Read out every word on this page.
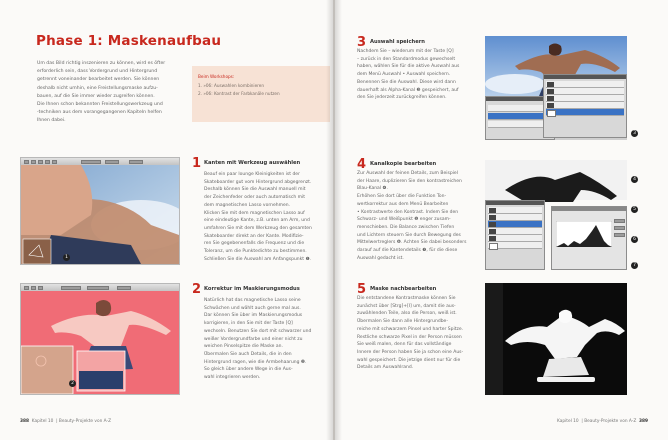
Phase 1: Maskenaufbau
Um das Bild richtig inszenieren zu können, wird es öfter
erforderlich sein, dass Vordergrund und Hintergrund
getrennt voneinander bearbeitet werden. Sie können
deshalb nicht umhin, eine Freistellungsmaske aufzu-
bauen, auf die Sie immer wieder zugreifen können.
Die Ihnen schon bekannten Freistellungswerkzeug und
-techniken aus dem vorangegangenen Kapiteln helfen
Ihnen dabei.
Beim Workshops:
1. »06: Auswahlen kombinieren
2. »06: Kontrast der Farbkanäle nutzen
1
1 Kanten mit Werkzeug auswählen
Beauf ein paar lounge Kleinigkeiten ist der
Skateboarder gut vom Hintergrund abgegrenzt.
Deshalb können Sie die Auswahl manuell mit
der Zeichenfeder oder auch automatisch mit
dem magnetischen Lasso vornehmen.
Klicken Sie mit dem magnetischen Lasso auf
eine eindeutige Kante, z.B. unten am Arm, und
umfahren Sie mit dem Werkzeug den gesamten
Skateboarder direkt an der Kante. Modifizie-
ren Sie gegebenenfalls die Frequenz und die
Toleranz, um die Punktedichte zu bestimmen.
Schließen Sie die Auswahl am Anfangspunkt ❶.
2
2 Korrektur im Maskierungsmodus
Natürlich hat das magnetische Lasso seine
Schwächen und wählt auch gerne mal aus.
Dar können Sie über im Maskierungsmodus
korrigieren, in den Sie mit der Taste [Q]
wechseln. Benutzen Sie dort mit schwarzer und
weißer Vordergrundfarbe und einer nicht zu
weichen Pinselspitze die Maske an.
Übermalen Sie auch Details, die in den
Hintergrund ragen, wie die Armbehaarung ❷.
So gleich über andere Wege in die Aus-
wahl integrieren werden.
388 Kapitel 10  | Beauty-Projekte von A-Z
3 Auswahl speichern
Nachdem Sie – wiederum mit der Taste [Q]
– zurück in den Standardmodus gewechselt
haben, wählen Sie für die aktive Auswahl aus
dem Menü Auswahl • Auswahl speichern.
Benennen Sie die Auswahl. Diese wird dann
dauerhaft als Alpha-Kanal ❸ gespeichert, auf
den Sie jederzeit zurückgreifen können.
3
4 Kanalkopie bearbeiten
Zur Auswahl der feinen Details, zum Beispiel
der Haare, duplizieren Sie den kontrastreichen
Blau-Kanal ❹.
Erhöhen Sie dort über die Funktion Ton-
wertkorrektur aus dem Menü Bearbeiten
• Kontrastwerte den Kontrast. Indem Sie den
Schwarz- und Weißpunkt ❺ enger zusam-
menschieben. Die Balance zwischen Tiefen
und Lichtern steuern Sie durch Bewegung des
Mittelwertreglers ❻. Achten Sie dabei besonders
darauf auf die Kantendetails ❼, für die diese
Auswahl gedacht ist.
4
5
6
7
5 Maske nachbearbeiten
Die entstandene Kontrastmaske können Sie
zunächst über [Strg]+[I] um, damit die aus-
zuwählenden Teile, also die Person, weiß ist.
Übermalen Sie dann alle Hintergrundbe-
reiche mit schwarzem Pinsel und harter Spitze.
Restliche schwarze Pixel in der Person müssen
Sie weiß malen, denn für das vollständige
Innere der Person haben Sie ja schon eine Aus-
wahl gespeichert. Die jetzige dient nur für die
Details am Auswahlrand.
Kapitel 10  | Beauty-Projekte von A-Z 389
